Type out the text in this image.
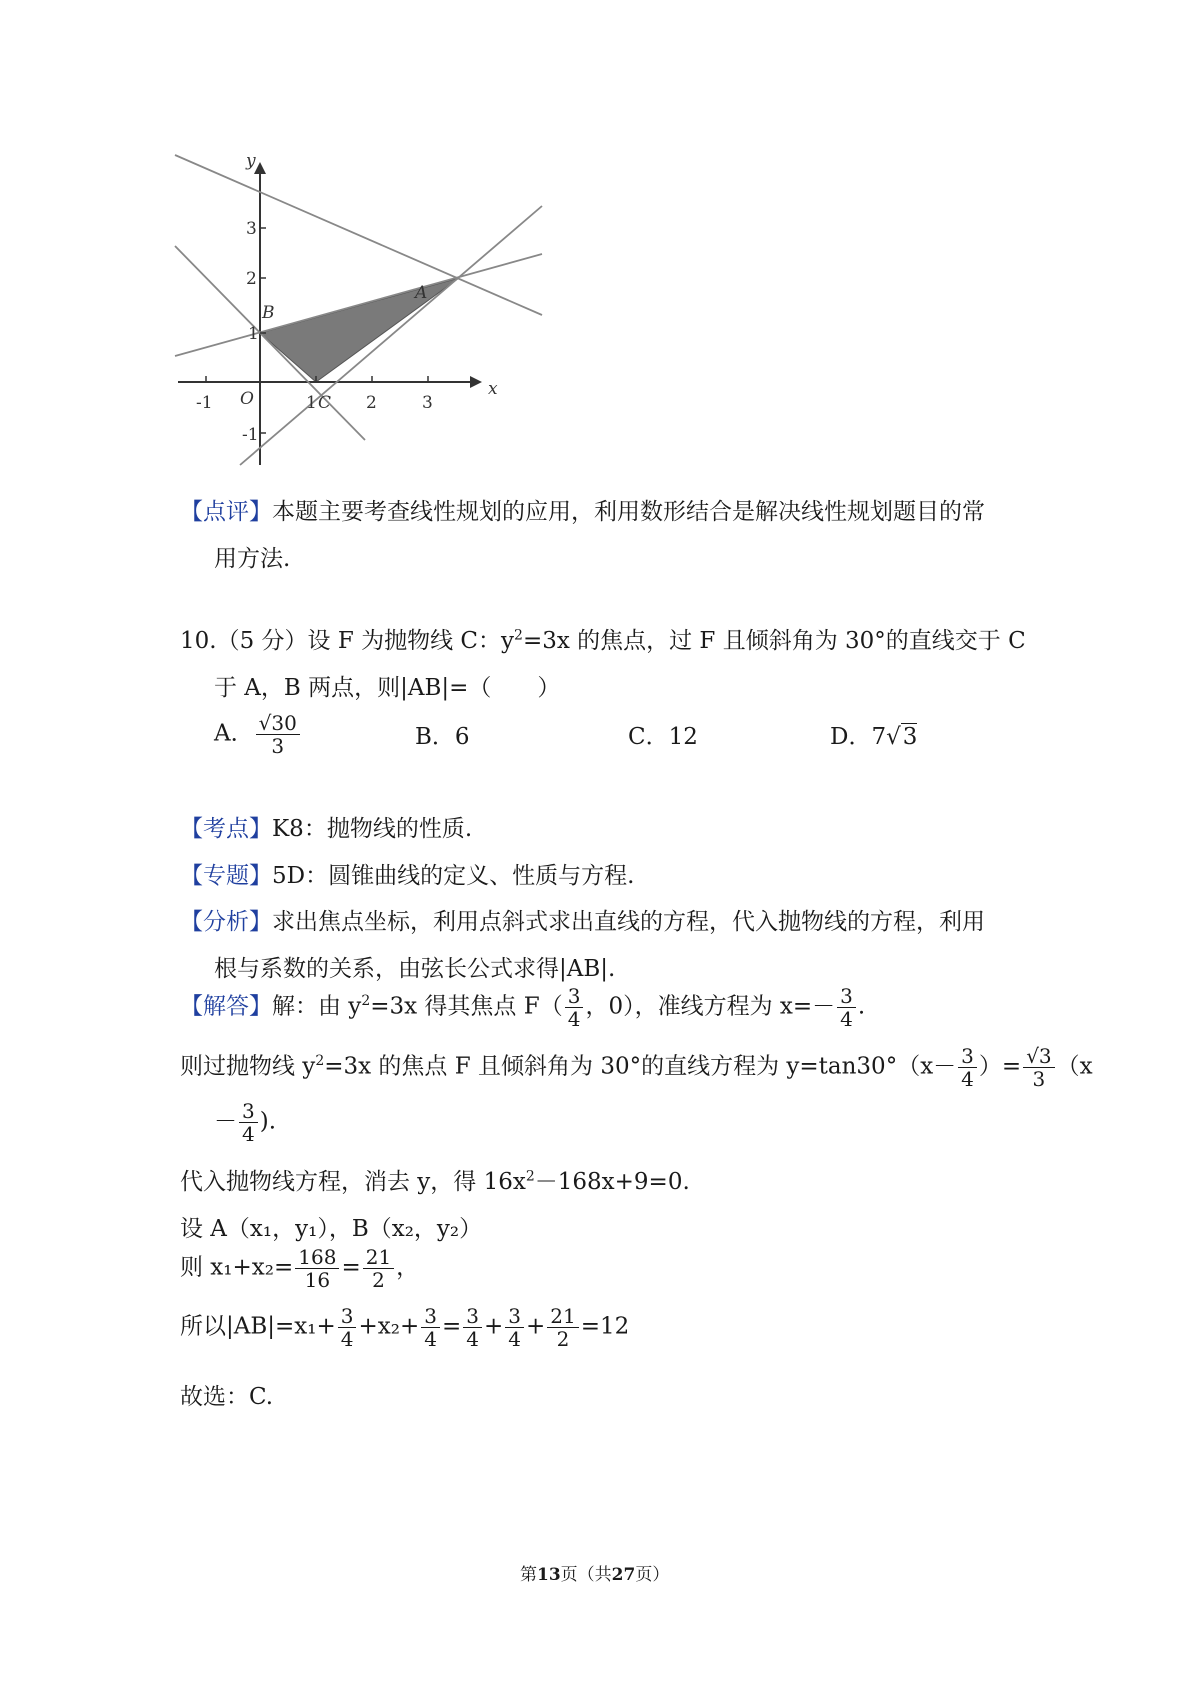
x
y
O
-1	1	2	3
3
2
1
-1
A
B
C
【点评】本题主要考查线性规划的应用，利用数形结合是解决线性规划题目的常
用方法.
10.（5 分）设 F 为抛物线 C：$y^2=3x$ 的焦点，过 F 且倾斜角为 30°的直线交于 C
于 A，B 两点，则|AB|=（　　）
A． $\frac{√30}{3}$	B．6	C．12	D．7√3
【考点】K8：抛物线的性质.
【专题】5D：圆锥曲线的定义、性质与方程.
【分析】求出焦点坐标，利用点斜式求出直线的方程，代入抛物线的方程，利用
根与系数的关系，由弦长公式求得|AB|.
【解答】解：由 $y^2=3x$ 得其焦点 $F( \frac{3}{4}$ ，0），准线方程为 $x=- \frac{3}{4}$ .
则过抛物线 $y^2=3x$ 的焦点 F 且倾斜角为 30°的直线方程为 $y=\tan 30^\circ(x- \frac{3}{4}$ ）= $\frac{√3}{3} (x$
－ $\frac{3}{4}$ ).
代入抛物线方程，消去 y，得 $16x^2-168x+9=0$.
设 A（x₁，y₁），B（x₂，y₂）
则 $x_1+x_2= \frac{168}{16} = \frac{21}{2}$ ，
所以$|AB|=x_1+ \frac{3}{4} +x_2+ \frac{3}{4} = \frac{3}{4} + \frac{3}{4} + \frac{21}{2} =12$
故选：C.
第13页（共27页）
